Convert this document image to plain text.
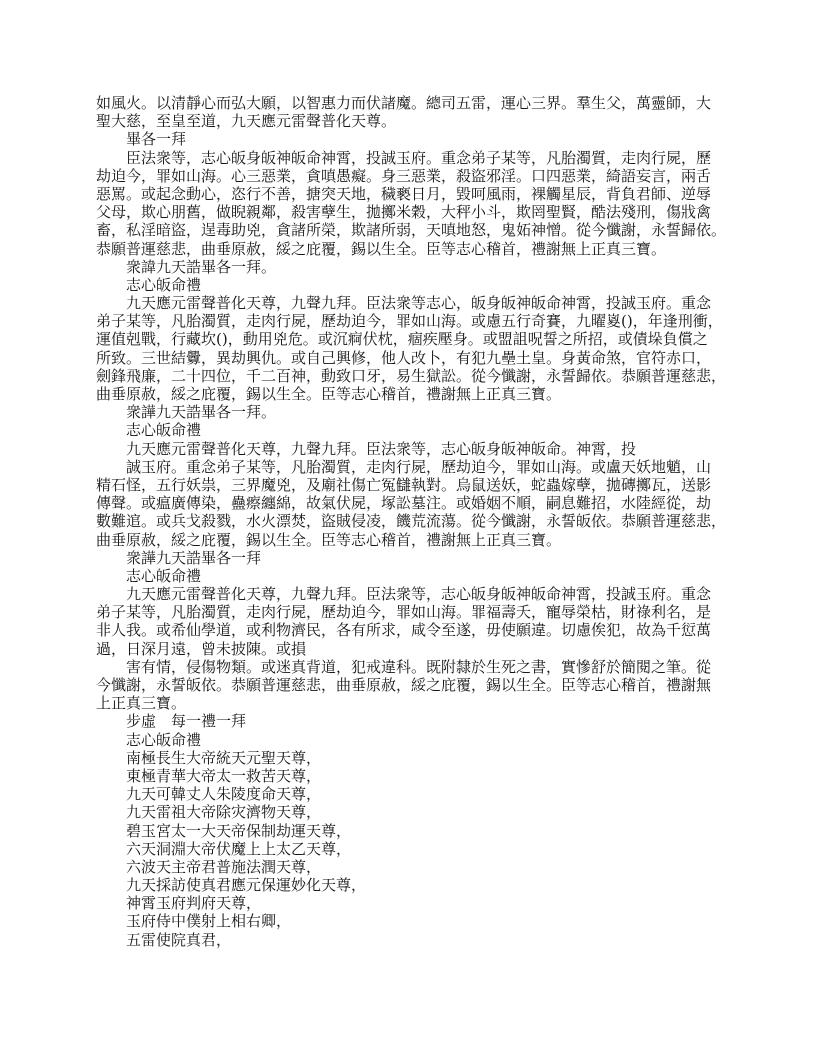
如風火。以清靜心而弘大願，以智惠力而伏諸魔。總司五雷，運心三界。羣生父，萬靈師，大
聖大慈，至皇至道，九天應元雷聲普化天尊。
　　畢各一拜
　　臣法衆等，志心皈身皈神皈命神霄，投誠玉府。重念弟子某等，凡胎濁質，走肉行屍，歷
劫迫今，罪如山海。心三惡業，貪嗔愚癡。身三惡業，殺盜邪淫。口四惡業，綺語妄言，兩舌
惡罵。或起念動心，恣行不善，搪突天地，穢褻日月，毀呵風雨，裸觸星辰，背負君師、逆辱
父母，欺心朋舊，做睨親鄰，殺害孽生，拋擲米穀，大秤小斗，欺罔聖賢，酷法殘刑，傷戕禽
畜，私淫暗盜，逞毒助兇，貪諸所榮，欺諸所弱，天嗔地怒，鬼妬神憎。從今懺謝，永誓歸依。
恭願普運慈悲，曲垂原赦，綏之庇覆，錫以生全。臣等志心稽首，禮謝無上正真三寶。
　　衆諱九天誥畢各一拜。
　　志心皈命禮
　　九天應元雷聲普化天尊，九聲九拜。臣法衆等志心，皈身皈神皈命神霄，投誠玉府。重念
弟子某等，凡胎濁質，走肉行屍，歷劫迫今，罪如山海。或慮五行奇賽，九曜嵏()，年逢刑衝，
運值剋戰，行藏坎()，動用兇危。或沉痾伏枕，痼疾壓身。或盟詛呪誓之所招，或債垛負償之
所致。三世結釁，異劫興仇。或自己興修，他人改卜，有犯九壘土皇。身黃命煞，官符赤口，
劍鋒飛廉，二十四位，千二百神，動致口牙，易生獄訟。從今懺謝，永誓歸依。恭願普運慈悲，
曲垂原赦，綏之庇覆，錫以生全。臣等志心稽首，禮謝無上正真三寶。
　　衆譁九天誥畢各一拜。
　　志心皈命禮
　　九天應元雷聲普化天尊，九聲九拜。臣法衆等，志心皈身皈神皈命。神霄，投
　　誠玉府。重念弟子某等，凡胎濁質，走肉行屍，歷劫迫今，罪如山海。或盧天妖地魈，山
精石怪，五行妖祟，三界魔兇，及廟社傷亡冤讎執對。烏鼠送妖，蛇蟲嫁孽，拋磚擲瓦，送影
傳聲。或瘟廣傳染，蠱瘵纏綿，故氣伏屍，塚訟墓注。或婚姻不順，嗣息難招，水陸經從，劫
數難逭。或兵戈殺戮，水火漂焚，盜賊侵凌，饑荒流蕩。從今懺謝，永誓皈依。恭願普運慈悲，
曲垂原赦，綏之庇覆，錫以生全。臣等志心稽首，禮謝無上正真三寶。
　　衆譁九天誥畢各一拜
　　志心皈命禮
　　九天應元雷聲普化天尊，九聲九拜。臣法衆等，志心皈身皈神皈命神霄，投誠玉府。重念
弟子某等，凡胎濁質，走肉行屍，歷劫迫今，罪如山海。罪福壽夭，寵辱榮枯，財祿利名，是
非人我。或希仙學道，或利物濟民，各有所求，咸令至遂，毋使願違。切慮俟犯，故為千愆萬
過，日深月遠，曾未披陳。或損
　　害有情，侵傷物類。或迷真背道，犯戒違科。既附隸於生死之書，實慘舒於簡閱之筆。從
今懺謝，永誓皈依。恭願普運慈悲，曲垂原赦，綏之庇覆，錫以生全。臣等志心稽首，禮謝無
上正真三寶。
　　步虛　每一禮一拜
　　志心皈命禮
　　南極長生大帝統天元聖天尊，
　　東極青華大帝太一救苦天尊，
　　九天可韓丈人朱陵度命天尊，
　　九天雷祖大帝除灾濟物天尊，
　　碧玉宮太一大天帝保制劫運天尊，
　　六天洞淵大帝伏魔上上太乙天尊，
　　六波天主帝君普施法潤天尊，
　　九天採訪使真君應元保運妙化天尊，
　　神霄玉府判府天尊，
　　玉府侍中僕射上相右卿，
　　五雷使院真君，
